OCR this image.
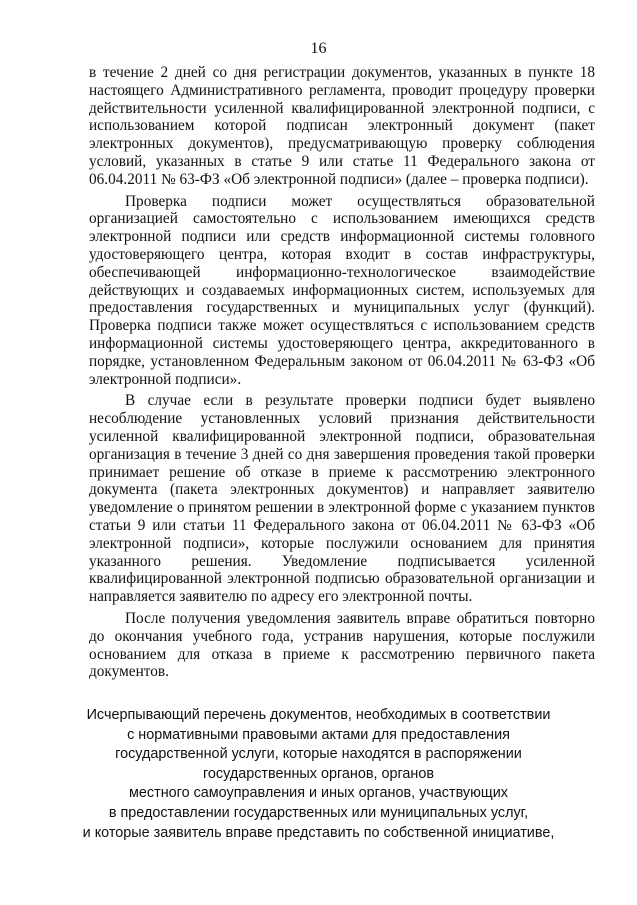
16

в течение 2 дней со дня регистрации документов, указанных в пункте 18 настоящего Административного регламента, проводит процедуру проверки действительности усиленной квалифицированной электронной подписи, с использованием которой подписан электронный документ (пакет электронных документов), предусматривающую проверку соблюдения условий, указанных в статье 9 или статье 11 Федерального закона от 06.04.2011 № 63-ФЗ «Об электронной подписи» (далее – проверка подписи).

Проверка подписи может осуществляться образовательной организацией самостоятельно с использованием имеющихся средств электронной подписи или средств информационной системы головного удостоверяющего центра, которая входит в состав инфраструктуры, обеспечивающей информационно-технологическое взаимодействие действующих и создаваемых информационных систем, используемых для предоставления государственных и муниципальных услуг (функций). Проверка подписи также может осуществляться с использованием средств информационной системы удостоверяющего центра, аккредитованного в порядке, установленном Федеральным законом от 06.04.2011 № 63-ФЗ «Об электронной подписи».

В случае если в результате проверки подписи будет выявлено несоблюдение установленных условий признания действительности усиленной квалифицированной электронной подписи, образовательная организация в течение 3 дней со дня завершения проведения такой проверки принимает решение об отказе в приеме к рассмотрению электронного документа (пакета электронных документов) и направляет заявителю уведомление о принятом решении в электронной форме с указанием пунктов статьи 9 или статьи 11 Федерального закона от 06.04.2011 № 63-ФЗ «Об электронной подписи», которые послужили основанием для принятия указанного решения. Уведомление подписывается усиленной квалифицированной электронной подписью образовательной организации и направляется заявителю по адресу его электронной почты.

После получения уведомления заявитель вправе обратиться повторно до окончания учебного года, устранив нарушения, которые послужили основанием для отказа в приеме к рассмотрению первичного пакета документов.

Исчерпывающий перечень документов, необходимых в соответствии
с нормативными правовыми актами для предоставления
государственной услуги, которые находятся в распоряжении
государственных органов, органов
местного самоуправления и иных органов, участвующих
в предоставлении государственных или муниципальных услуг,
и которые заявитель вправе представить по собственной инициативе,
